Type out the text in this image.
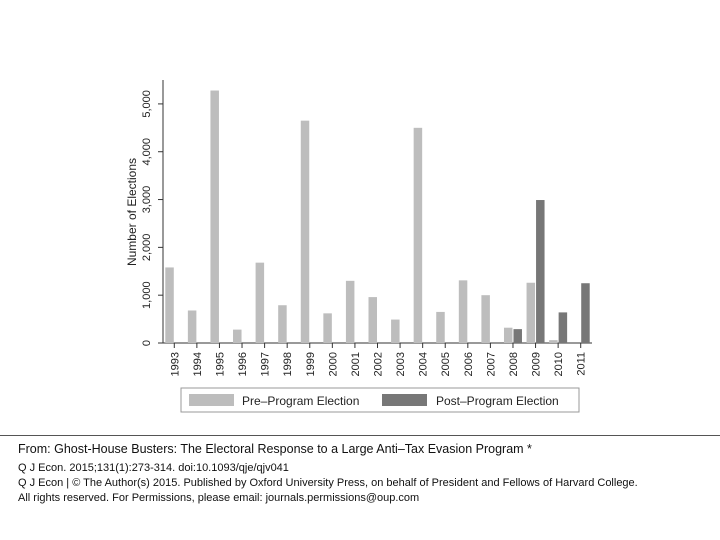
0
1,000
2,000
3,000
4,000
5,000
Number of Elections
1993 1994 1995 1996 1997 1998 1999 2000 2001 2002 2003 2004 2005 2006 2007 2008 2009 2010 2011
Pre–Program Election	Post–Program Election
From: Ghost-House Busters: The Electoral Response to a Large Anti–Tax Evasion Program *
Q J Econ. 2015;131(1):273-314. doi:10.1093/qje/qjv041
Q J Econ | © The Author(s) 2015. Published by Oxford University Press, on behalf of President and Fellows of Harvard College.
All rights reserved. For Permissions, please email: journals.permissions@oup.com
